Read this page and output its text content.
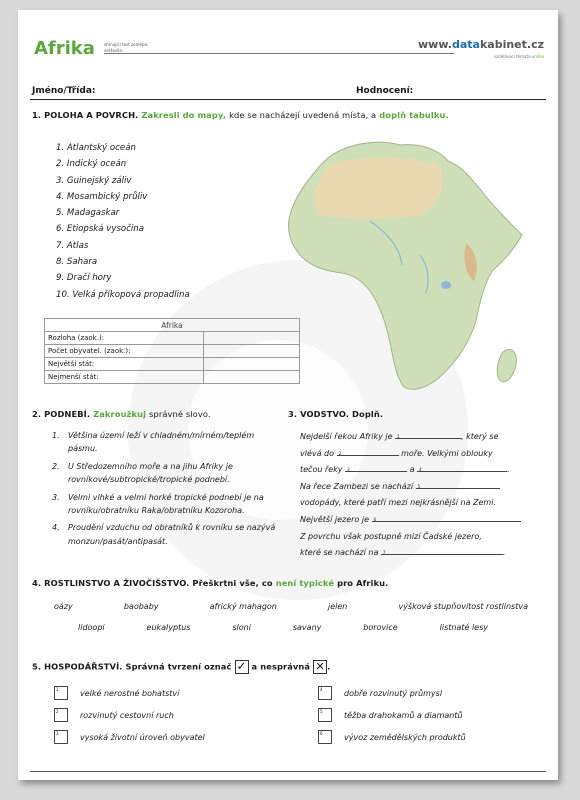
Afrika shrnující test zeměpis
sestavila:	www.datakabinet.cz
vzdělávací témata online
Jméno/Třída:	Hodnocení:
1. POLOHA A POVRCH. Zakresli do mapy, kde se nacházejí uvedená místa, a doplň tabulku.
1. Atlantský oceán
2. Indický oceán
3. Guinejský záliv
4. Mosambický průliv
5. Madagaskar
6. Etiopská vysočina
7. Atlas
8. Sahara
9. Dračí hory
10. Velká příkopová propadlina
Afrika	
Rozloha (zaok.):	
Počet obyvatel. (zaok.):	
Největší stát:	
Nejmenší stát:	
2. PODNEBÍ. Zakroužkuj správné slovo.
1.	Většina území leží v chladném/mírném/teplém pásmu.
2.	U Středozemního moře a na jihu Afriky je rovníkové/subtropické/tropické podnebí.
3.	Velmi vlhké a velmi horké tropické podnebí je na rovníku/obratníku Raka/obratníku Kozoroha.
4.	Proudění vzduchu od obratníků k rovníku se nazývá monzun/pasát/antipasát.
3. VODSTVO. Doplň.
Nejdelší řekou Afriky je 1	, který se
vlévá do 2	moře. Velkými oblouky
tečou řeky 3	a 4	.
Na řece Zambezi se nachází 5
vodopády, které patří mezi nejkrásnější na Zemi.
Největší jezero je 6	.
Z povrchu však postupně mizí Čadské jezero,
které se nachází na 7	.
4. ROSTLINSTVO A ŽIVOČIŠSTVO. Přeškrtni vše, co není typické pro Afriku.
oázy	baobaby	africký mahagon	jelen	výšková stupňovitost rostlinstva
lidoopi	eukalyptus	sloni	savany	borovice	listnaté lesy
5. HOSPODÁŘSTVÍ. Správná tvrzení označ ✓ a nesprávná ✕ .
1	velké nerostné bohatství
2	rozvinutý cestovní ruch
3	vysoká životní úroveň obyvatel
4	dobře rozvinutý průmysl
5	těžba drahokamů a diamantů
6	vývoz zemědělských produktů
